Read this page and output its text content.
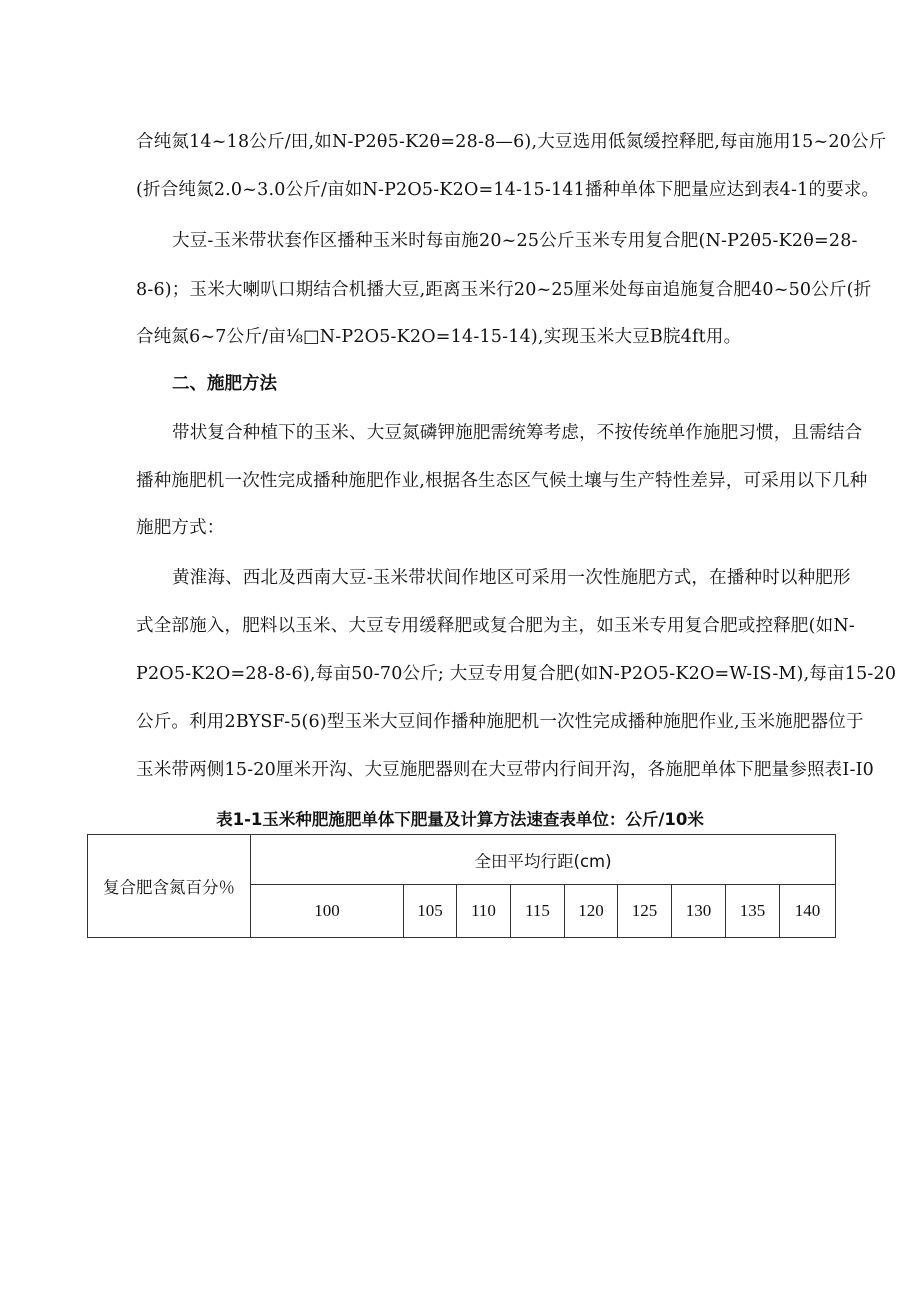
合纯氮14~18公斤/田,如N-P2θ5-K2θ=28-8—6),大豆选用低氮缓控释肥,每亩施用15~20公斤
(折合纯氮2.0~3.0公斤/亩如N-P2O5-K2O=14-15-141播种单体下肥量应达到表4-1的要求。
大豆-玉米带状套作区播种玉米时每亩施20~25公斤玉米专用复合肥(N-P2θ5-K2θ=28-
8-6)；玉米大喇叭口期结合机播大豆,距离玉米行20~25厘米处每亩追施复合肥40~50公斤(折
合纯氮6~7公斤/亩⅛□N-P2O5-K2O=14-15-14),实现玉米大豆B脘4ft用。
二、施肥方法
带状复合种植下的玉米、大豆氮磷钾施肥需统筹考虑，不按传统单作施肥习惯，且需结合
播种施肥机一次性完成播种施肥作业,根据各生态区气候土壤与生产特性差异，可采用以下几种
施肥方式：
黄淮海、西北及西南大豆-玉米带状间作地区可采用一次性施肥方式，在播种时以种肥形
式全部施入，肥料以玉米、大豆专用缓释肥或复合肥为主，如玉米专用复合肥或控释肥(如N-
P2O5-K2O=28-8-6),每亩50-70公斤; 大豆专用复合肥(如N-P2O5-K2O=W-IS-M),每亩15-20
公斤。利用2BYSF-5(6)型玉米大豆间作播种施肥机一次性完成播种施肥作业,玉米施肥器位于
玉米带两侧15-20厘米开沟、大豆施肥器则在大豆带内行间开沟，各施肥单体下肥量参照表I-I0
表1-1玉米种肥施肥单体下肥量及计算方法速查表单位：公斤/10米
复合肥含氮百分％	全田平均行距(cm)								
	100	105	110	115	120	125	130	135	140
